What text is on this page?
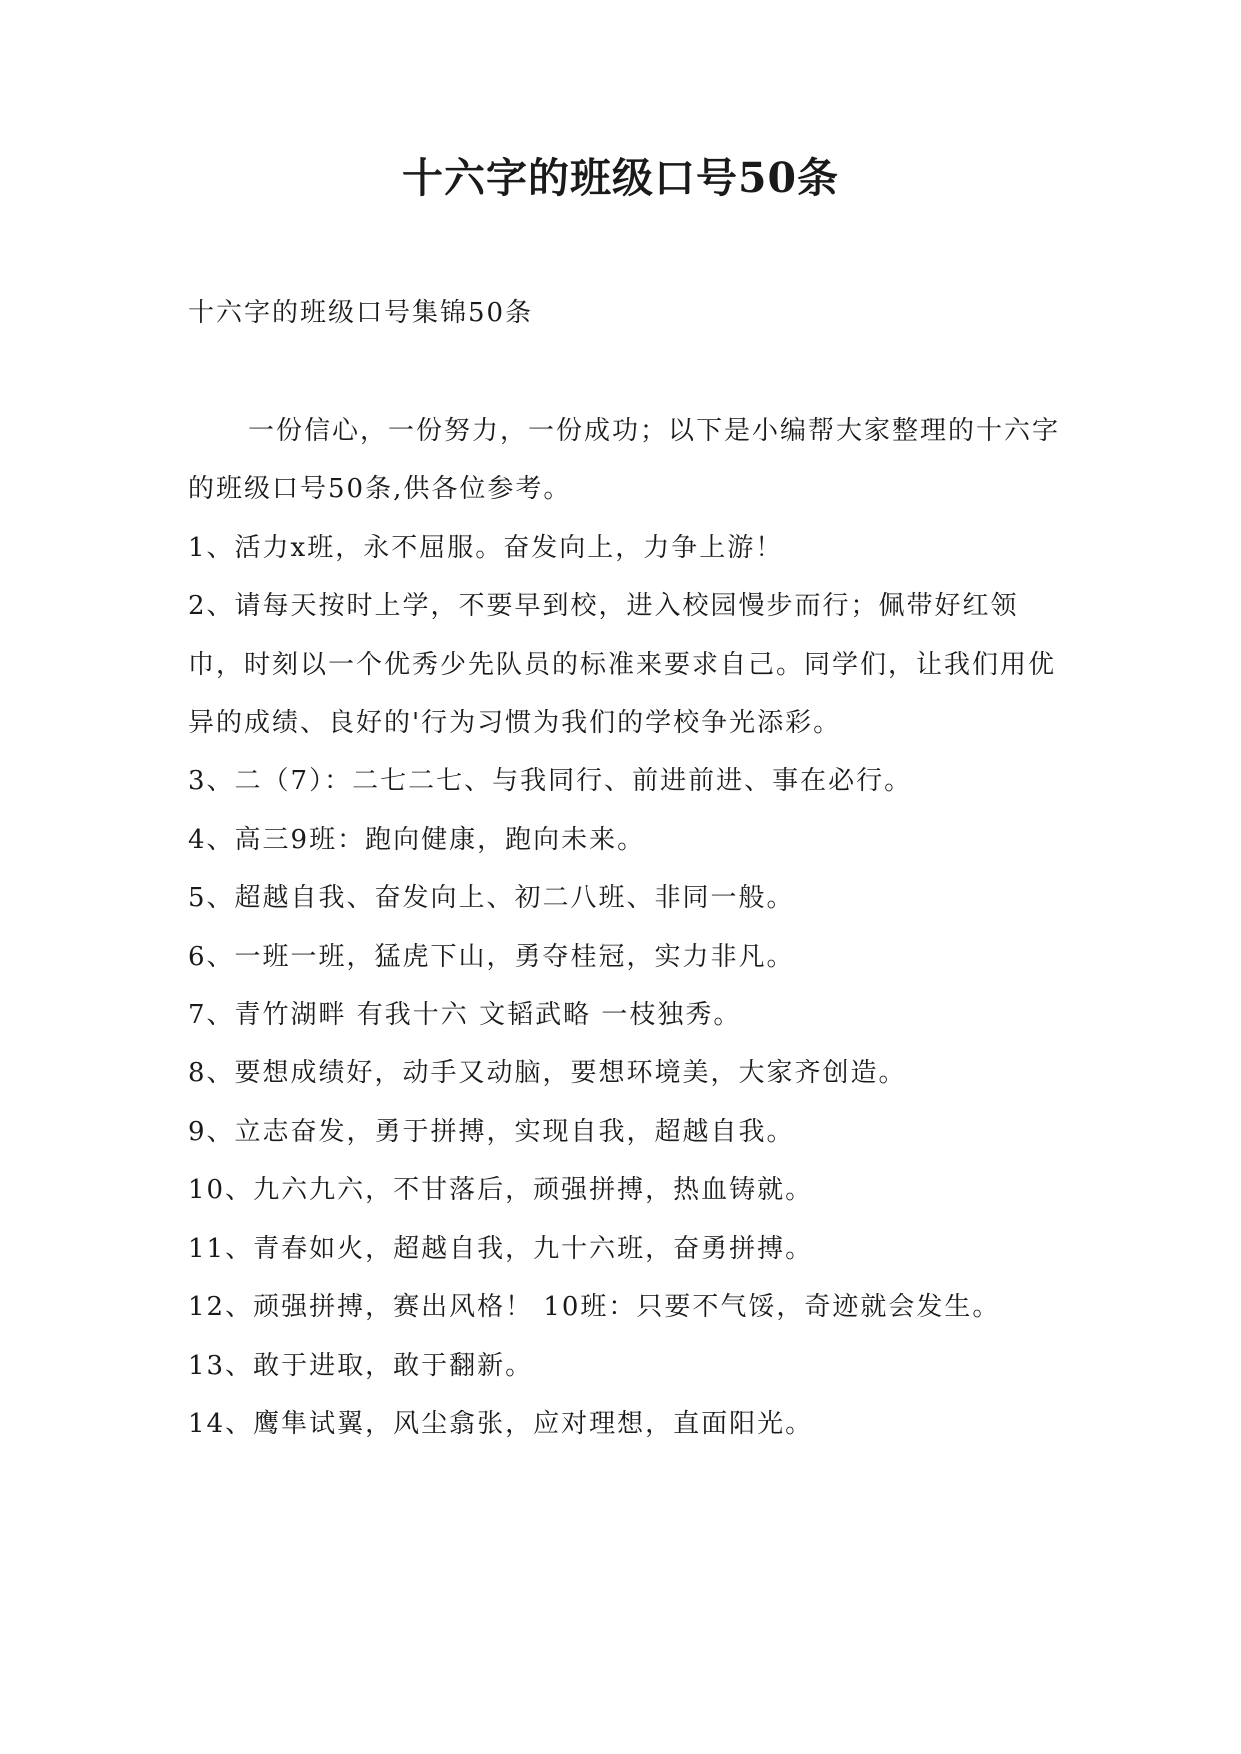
十六字的班级口号50条
十六字的班级口号集锦50条

一份信心，一份努力，一份成功；以下是小编帮大家整理的十六字的班级口号50条,供各位参考。

1、活力x班，永不屈服。奋发向上，力争上游！

2、请每天按时上学，不要早到校，进入校园慢步而行；佩带好红领巾，时刻以一个优秀少先队员的标准来要求自己。同学们，让我们用优异的成绩、良好的'行为习惯为我们的学校争光添彩。

3、二（7）：二七二七、与我同行、前进前进、事在必行。

4、高三9班：跑向健康，跑向未来。

5、超越自我、奋发向上、初二八班、非同一般。

6、一班一班，猛虎下山，勇夺桂冠，实力非凡。

7、青竹湖畔 有我十六 文韬武略 一枝独秀。

8、要想成绩好，动手又动脑，要想环境美，大家齐创造。

9、立志奋发，勇于拼搏，实现自我，超越自我。

10、九六九六，不甘落后，顽强拼搏，热血铸就。

11、青春如火，超越自我，九十六班，奋勇拼搏。

12、顽强拼搏，赛出风格！ 10班：只要不气馁，奇迹就会发生。

13、敢于进取，敢于翻新。

14、鹰隼试翼，风尘翕张，应对理想，直面阳光。
